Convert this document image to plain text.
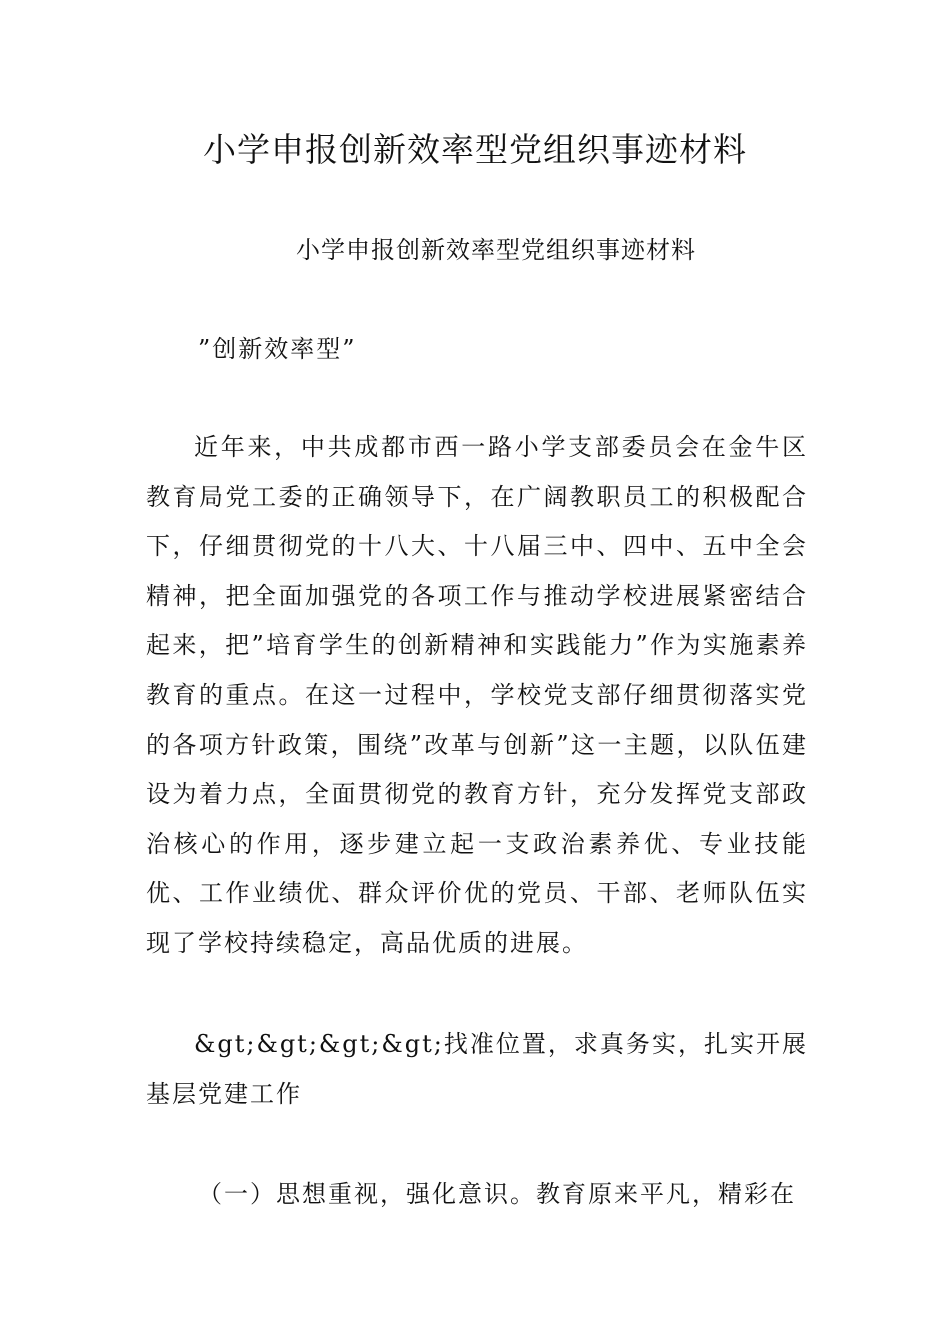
小学申报创新效率型党组织事迹材料

小学申报创新效率型党组织事迹材料

”创新效率型”

近年来，中共成都市西一路小学支部委员会在金牛区教育局党工委的正确领导下，在广阔教职员工的积极配合下，仔细贯彻党的十八大、十八届三中、四中、五中全会精神，把全面加强党的各项工作与推动学校进展紧密结合起来，把”培育学生的创新精神和实践能力”作为实施素养教育的重点。在这一过程中，学校党支部仔细贯彻落实党的各项方针政策，围绕”改革与创新”这一主题，以队伍建设为着力点，全面贯彻党的教育方针，充分发挥党支部政治核心的作用，逐步建立起一支政治素养优、专业技能优、工作业绩优、群众评价优的党员、干部、老师队伍实现了学校持续稳定，高品优质的进展。

&gt;&gt;&gt;&gt;找准位置，求真务实，扎实开展基层党建工作

（一）思想重视，强化意识。教育原来平凡，精彩在
